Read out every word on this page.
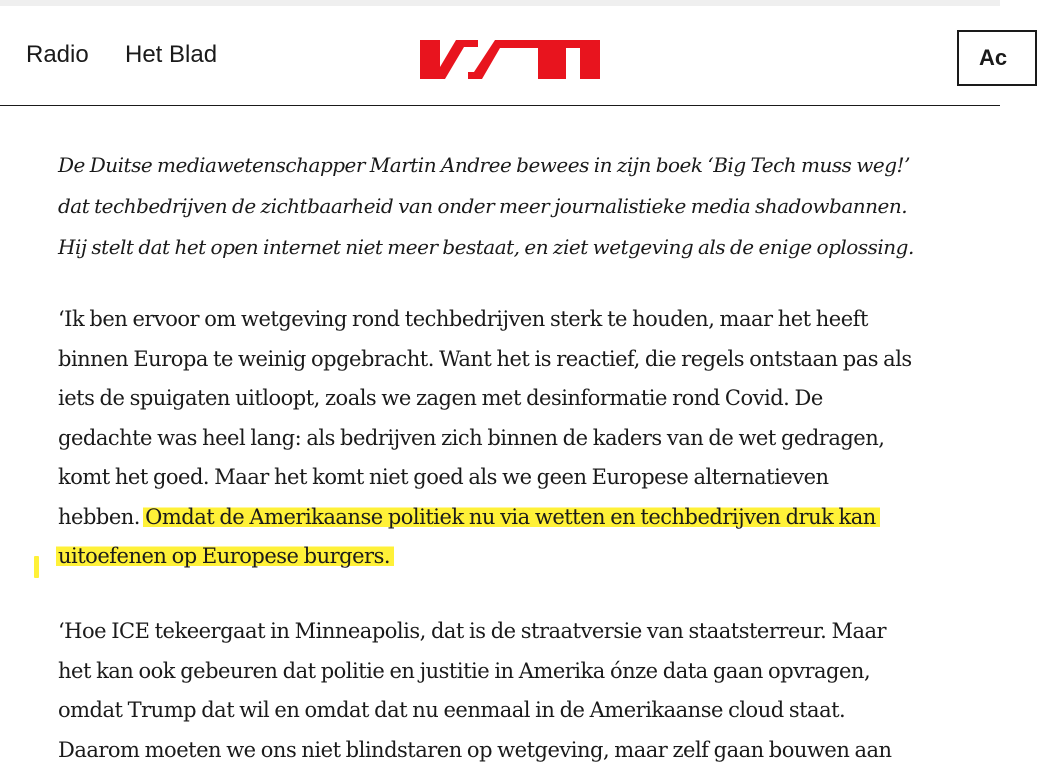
Radio Het Blad	Ac

De Duitse mediawetenschapper Martin Andree bewees in zijn boek ‘Big Tech muss weg!’
dat techbedrijven de zichtbaarheid van onder meer journalistieke media shadowbannen.
Hij stelt dat het open internet niet meer bestaat, en ziet wetgeving als de enige oplossing.

‘Ik ben ervoor om wetgeving rond techbedrijven sterk te houden, maar het heeft
binnen Europa te weinig opgebracht. Want het is reactief, die regels ontstaan pas als
iets de spuigaten uitloopt, zoals we zagen met desinformatie rond Covid. De
gedachte was heel lang: als bedrijven zich binnen de kaders van de wet gedragen,
komt het goed. Maar het komt niet goed als we geen Europese alternatieven
hebben. Omdat de Amerikaanse politiek nu via wetten en techbedrijven druk kan
uitoefenen op Europese burgers.

‘Hoe ICE tekeergaat in Minneapolis, dat is de straatversie van staatsterreur. Maar
het kan ook gebeuren dat politie en justitie in Amerika ónze data gaan opvragen,
omdat Trump dat wil en omdat dat nu eenmaal in de Amerikaanse cloud staat.
Daarom moeten we ons niet blindstaren op wetgeving, maar zelf gaan bouwen aan
